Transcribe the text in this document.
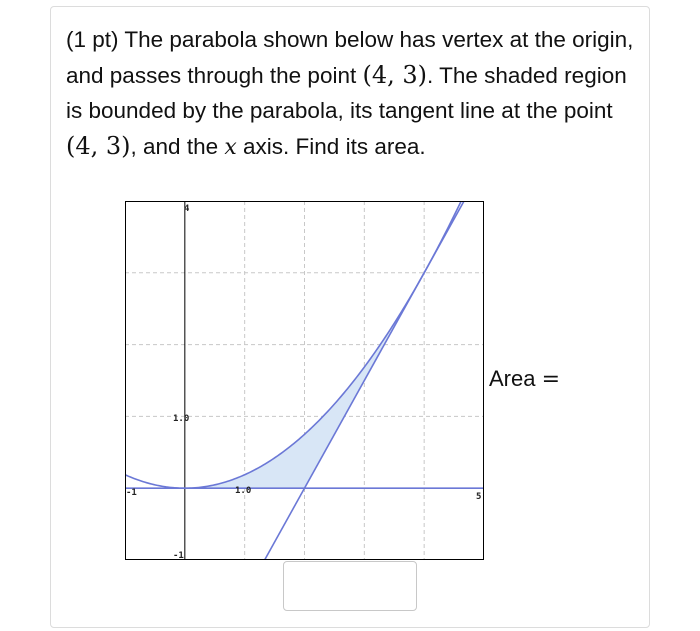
(1 pt) The parabola shown below has vertex at the origin, and passes through the point (4, 3). The shaded region is bounded by the parabola, its tangent line at the point (4, 3), and the x axis. Find its area.
4
1.0
-1
-1	1.0
5
Area =
